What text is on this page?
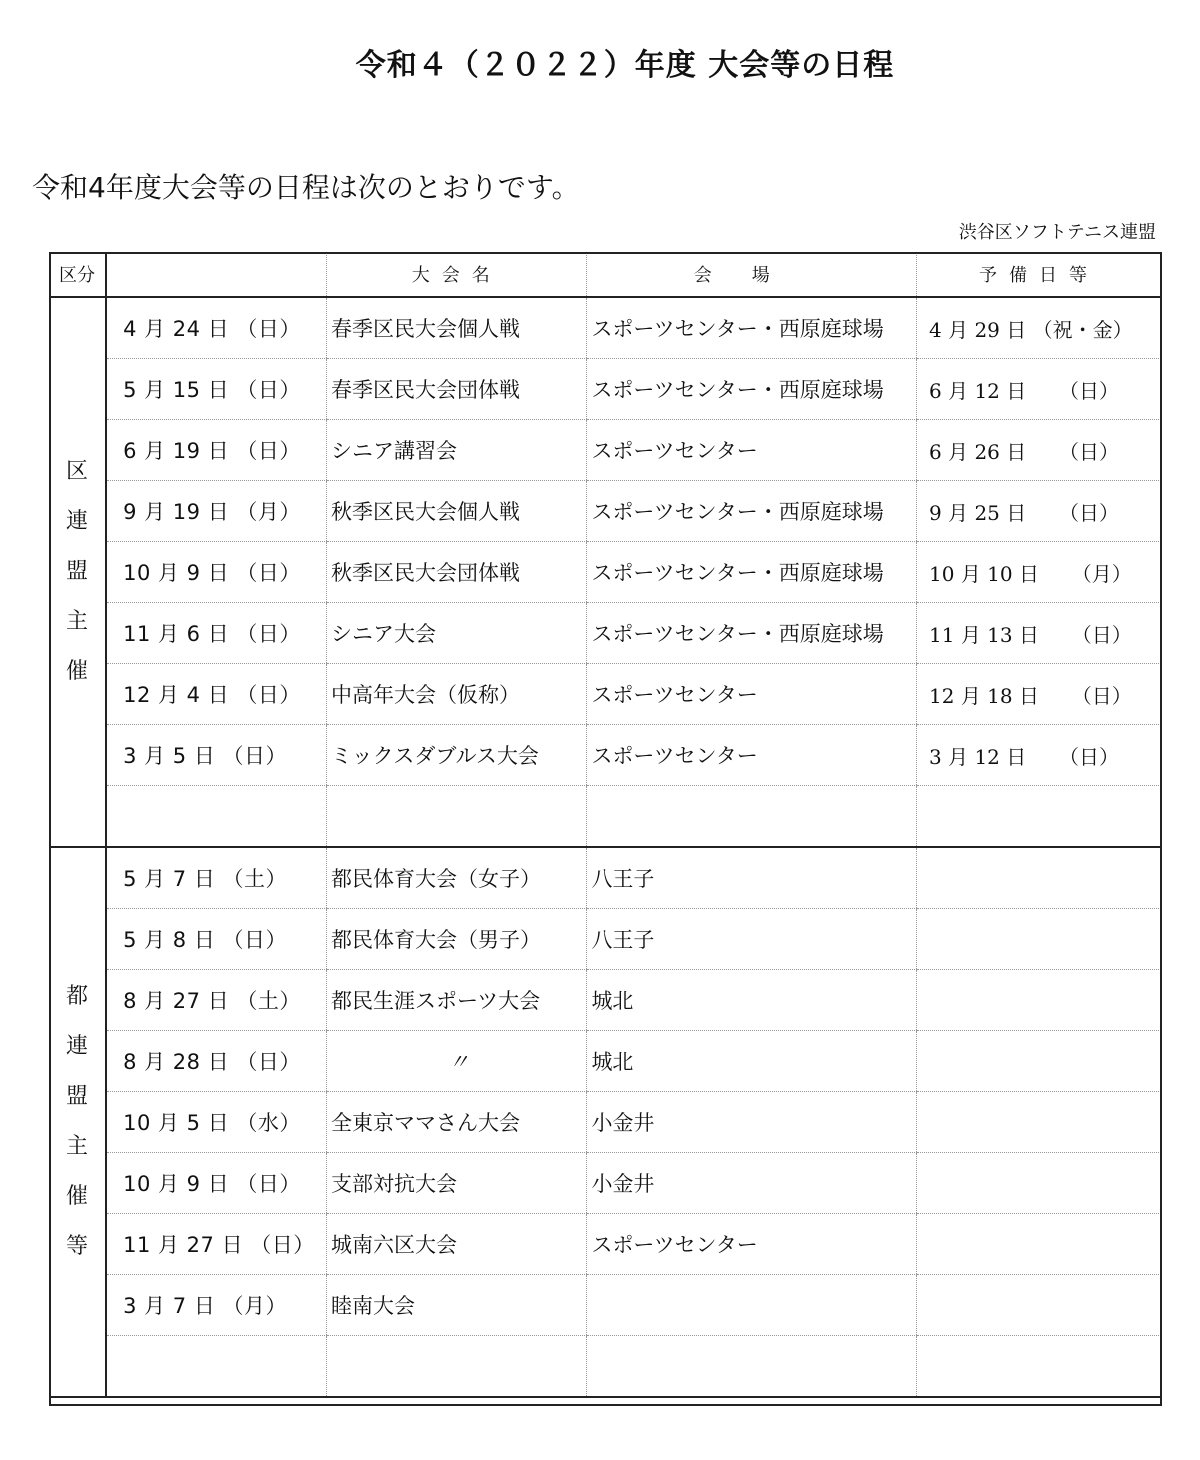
令和４（２０２２）年度 大会等の日程
令和4年度大会等の日程は次のとおりです。
渋谷区ソフトテニス連盟
区分		大会名	会場	予備日等
区連盟主催	4 月 24 日 （日）	春季区民大会個人戦	スポーツセンター・西原庭球場	4 月 29 日 （祝・金）
	5 月 15 日 （日）	春季区民大会団体戦	スポーツセンター・西原庭球場	6 月 12 日 　 （日）
	6 月 19 日 （日）	シニア講習会	スポーツセンター	6 月 26 日 　 （日）
	9 月 19 日 （月）	秋季区民大会個人戦	スポーツセンター・西原庭球場	9 月 25 日 　 （日）
	10 月 9 日 （日）	秋季区民大会団体戦	スポーツセンター・西原庭球場	10 月 10 日 　 （月）
	11 月 6 日 （日）	シニア大会	スポーツセンター・西原庭球場	11 月 13 日 　 （日）
	12 月 4 日 （日）	中高年大会（仮称）	スポーツセンター	12 月 18 日 　 （日）
	3 月 5 日 （日）	ミックスダブルス大会	スポーツセンター	3 月 12 日 　 （日）

都連盟主催等	5 月 7 日 （土）	都民体育大会（女子）	八王子	
	5 月 8 日 （日）	都民体育大会（男子）	八王子	
	8 月 27 日 （土）	都民生涯スポーツ大会	城北	
	8 月 28 日 （日）	〃	城北	
	10 月 5 日 （水）	全東京ママさん大会	小金井	
	10 月 9 日 （日）	支部対抗大会	小金井	
	11 月 27 日 （日）	城南六区大会	スポーツセンター	
	3 月 7 日 （月）	睦南大会		
